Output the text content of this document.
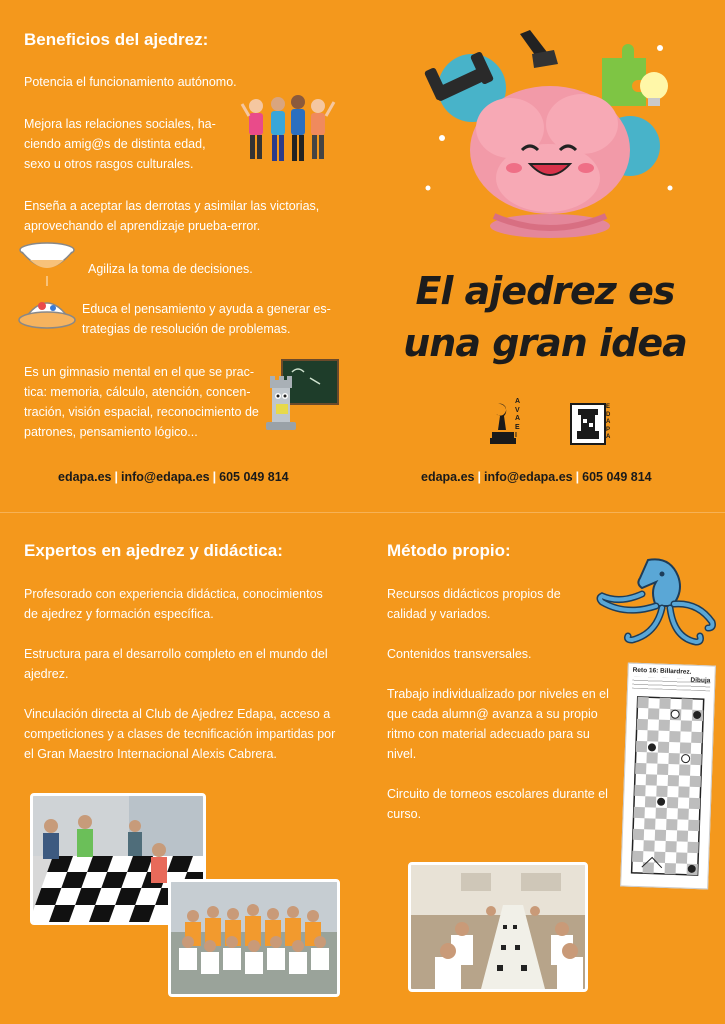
Beneficios del ajedrez:
Potencia el funcionamiento autónomo.
Mejora las relaciones sociales, ha-
ciendo amig@s de distinta edad,
sexo u otros rasgos culturales.
Enseña a aceptar las derrotas y asimilar las victorias,
aprovechando el aprendizaje prueba-error.
Agiliza la toma de decisiones.
Educa el pensamiento y ayuda a generar es-
trategias de resolución de problemas.
Es un gimnasio mental en el que se prac-
tica: memoria, cálculo, atención, concen-
tración, visión espacial, reconocimiento de
patrones, pensamiento lógico...
edapa.es | info@edapa.es | 605 049 814
El ajedrez es
una gran idea
AVAEI
EDAPA
edapa.es | info@edapa.es | 605 049 814
Expertos en ajedrez y didáctica:
Profesorado con experiencia didáctica, conocimientos
de ajedrez y formación específica.
Estructura para el desarrollo completo en el mundo del
ajedrez.
Vinculación directa al Club de Ajedrez Edapa, acceso a
competiciones y a clases de tecnificación impartidas por
el Gran Maestro Internacional Alexis Cabrera.
Método propio:
Recursos didácticos propios de
calidad y variados.
Contenidos transversales.
Trabajo individualizado por niveles en el
que cada alumn@ avanza a su propio
ritmo con material adecuado para su
nivel.
Circuito de torneos escolares durante el
curso.
Reto 16: Billardrez.
Dibuja
